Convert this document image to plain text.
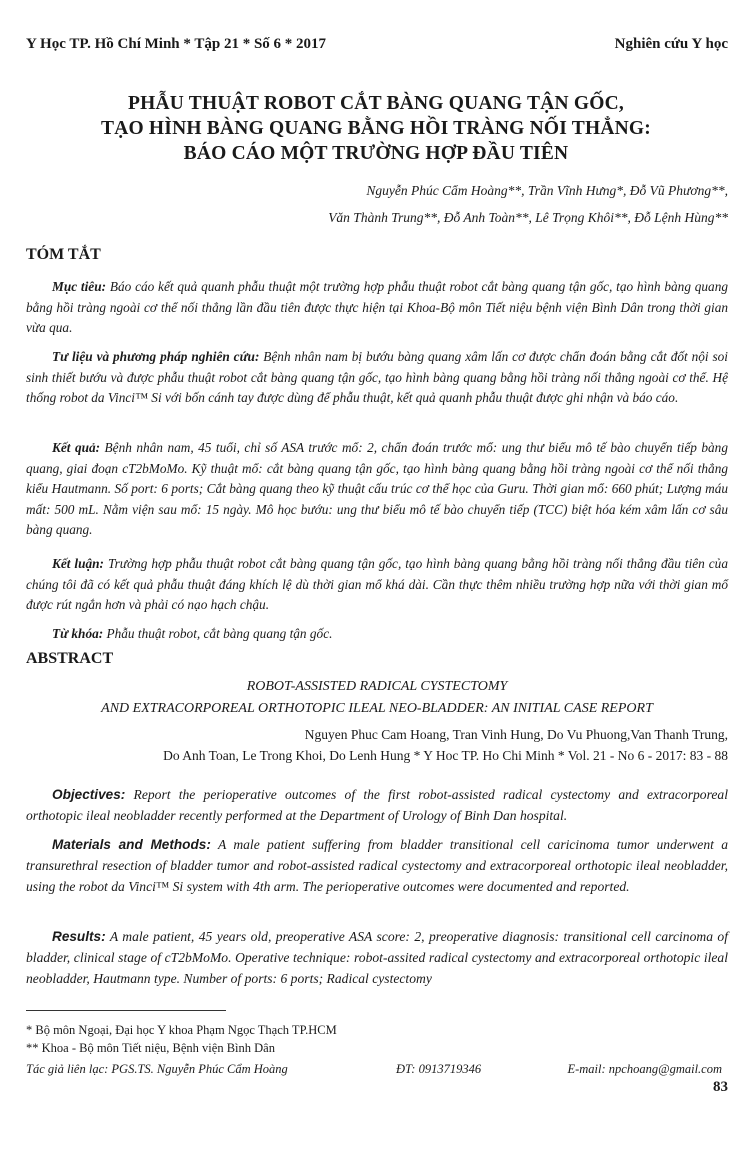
Y Học TP. Hồ Chí Minh * Tập 21 * Số 6 * 2017	Nghiên cứu Y học
PHẪU THUẬT ROBOT CẮT BÀNG QUANG TẬN GỐC,
TẠO HÌNH BÀNG QUANG BẰNG HỒI TRÀNG NỐI THẲNG:
BÁO CÁO MỘT TRƯỜNG HỢP ĐẦU TIÊN
Nguyễn Phúc Cẩm Hoàng**, Trần Vĩnh Hưng*, Đỗ Vũ Phương**,
Văn Thành Trung**, Đỗ Anh Toàn**, Lê Trọng Khôi**, Đỗ Lệnh Hùng**
TÓM TẮT
Mục tiêu: Báo cáo kết quả quanh phẫu thuật một trường hợp phẫu thuật robot cắt bàng quang tận gốc, tạo hình bàng quang bằng hồi tràng ngoài cơ thể nối thẳng lần đầu tiên được thực hiện tại Khoa-Bộ môn Tiết niệu bệnh viện Bình Dân trong thời gian vừa qua.
Tư liệu và phương pháp nghiên cứu: Bệnh nhân nam bị bướu bàng quang xâm lấn cơ được chẩn đoán bằng cắt đốt nội soi sinh thiết bướu và được phẫu thuật robot cắt bàng quang tận gốc, tạo hình bàng quang bằng hồi tràng nối thẳng ngoài cơ thể. Hệ thống robot da Vinci™ Si với bốn cánh tay được dùng để phẫu thuật, kết quả quanh phẫu thuật được ghi nhận và báo cáo.
Kết quả: Bệnh nhân nam, 45 tuổi, chỉ số ASA trước mổ: 2, chẩn đoán trước mổ: ung thư biểu mô tế bào chuyển tiếp bàng quang, giai đoạn cT2bMoMo. Kỹ thuật mổ: cắt bàng quang tận gốc, tạo hình bàng quang bằng hồi tràng ngoài cơ thể nối thẳng kiểu Hautmann. Số port: 6 ports; Cắt bàng quang theo kỹ thuật cấu trúc cơ thể học của Guru. Thời gian mổ: 660 phút; Lượng máu mất: 500 mL. Nằm viện sau mổ: 15 ngày. Mô học bướu: ung thư biểu mô tế bào chuyển tiếp (TCC) biệt hóa kém xâm lấn cơ sâu bàng quang.
Kết luận: Trường hợp phẫu thuật robot cắt bàng quang tận gốc, tạo hình bàng quang bằng hồi tràng nối thẳng đầu tiên của chúng tôi đã có kết quả phẫu thuật đáng khích lệ dù thời gian mổ khá dài. Cần thực thêm nhiều trường hợp nữa với thời gian mổ được rút ngắn hơn và phải có nạo hạch chậu.
Từ khóa: Phẫu thuật robot, cắt bàng quang tận gốc.
ABSTRACT
ROBOT-ASSISTED RADICAL CYSTECTOMY
AND EXTRACORPOREAL ORTHOTOPIC ILEAL NEO-BLADDER: AN INITIAL CASE REPORT
Nguyen Phuc Cam Hoang, Tran Vinh Hung, Do Vu Phuong,Van Thanh Trung,
Do Anh Toan, Le Trong Khoi, Do Lenh Hung * Y Hoc TP. Ho Chi Minh * Vol. 21 - No 6 - 2017: 83 - 88
Objectives: Report the perioperative outcomes of the first robot-assisted radical cystectomy and extracorporeal orthotopic ileal neobladder recently performed at the Department of Urology of Binh Dan hospital.
Materials and Methods: A male patient suffering from bladder transitional cell caricinoma tumor underwent a transurethral resection of bladder tumor and robot-assisted radical cystectomy and extracorporeal orthotopic ileal neobladder, using the robot da Vinci™ Si system with 4th arm. The perioperative outcomes were documented and reported.
Results: A male patient, 45 years old, preoperative ASA score: 2, preoperative diagnosis: transitional cell carcinoma of bladder, clinical stage of cT2bMoMo. Operative technique: robot-assited radical cystectomy and extracorporeal orthotopic ileal neobladder, Hautmann type. Number of ports: 6 ports; Radical cystectomy
* Bộ môn Ngoại, Đại học Y khoa Phạm Ngọc Thạch TP.HCM
** Khoa - Bộ môn Tiết niệu, Bệnh viện Bình Dân
Tác giả liên lạc: PGS.TS. Nguyễn Phúc Cẩm Hoàng	ĐT: 0913719346	E-mail: npchoang@gmail.com
83
